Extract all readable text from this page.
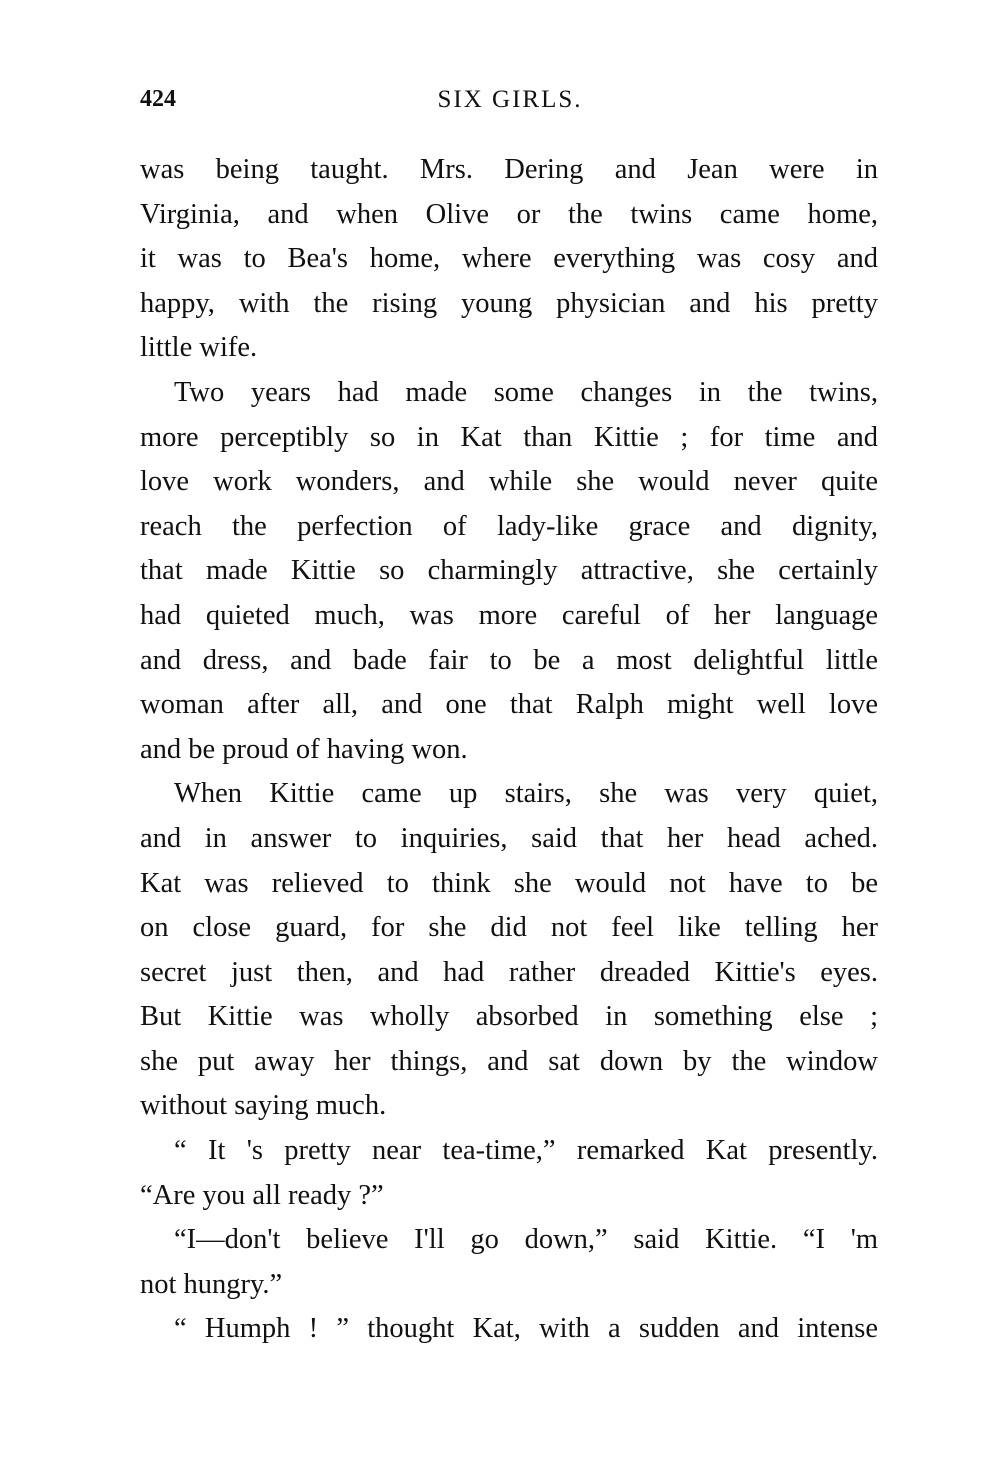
424	SIX GIRLS.
was being taught. Mrs. Dering and Jean were in
Virginia, and when Olive or the twins came home,
it was to Bea's home, where everything was cosy and
happy, with the rising young physician and his pretty
little wife.
Two years had made some changes in the twins,
more perceptibly so in Kat than Kittie ; for time and
love work wonders, and while she would never quite
reach the perfection of lady-like grace and dignity,
that made Kittie so charmingly attractive, she certainly
had quieted much, was more careful of her language
and dress, and bade fair to be a most delightful little
woman after all, and one that Ralph might well love
and be proud of having won.
When Kittie came up stairs, she was very quiet,
and in answer to inquiries, said that her head ached.
Kat was relieved to think she would not have to be
on close guard, for she did not feel like telling her
secret just then, and had rather dreaded Kittie's eyes.
But Kittie was wholly absorbed in something else ;
she put away her things, and sat down by the window
without saying much.
“ It 's pretty near tea-time,” remarked Kat presently.
“Are you all ready ?”
“I—don't believe I'll go down,” said Kittie. “I 'm
not hungry.”
“ Humph ! ” thought Kat, with a sudden and intense
